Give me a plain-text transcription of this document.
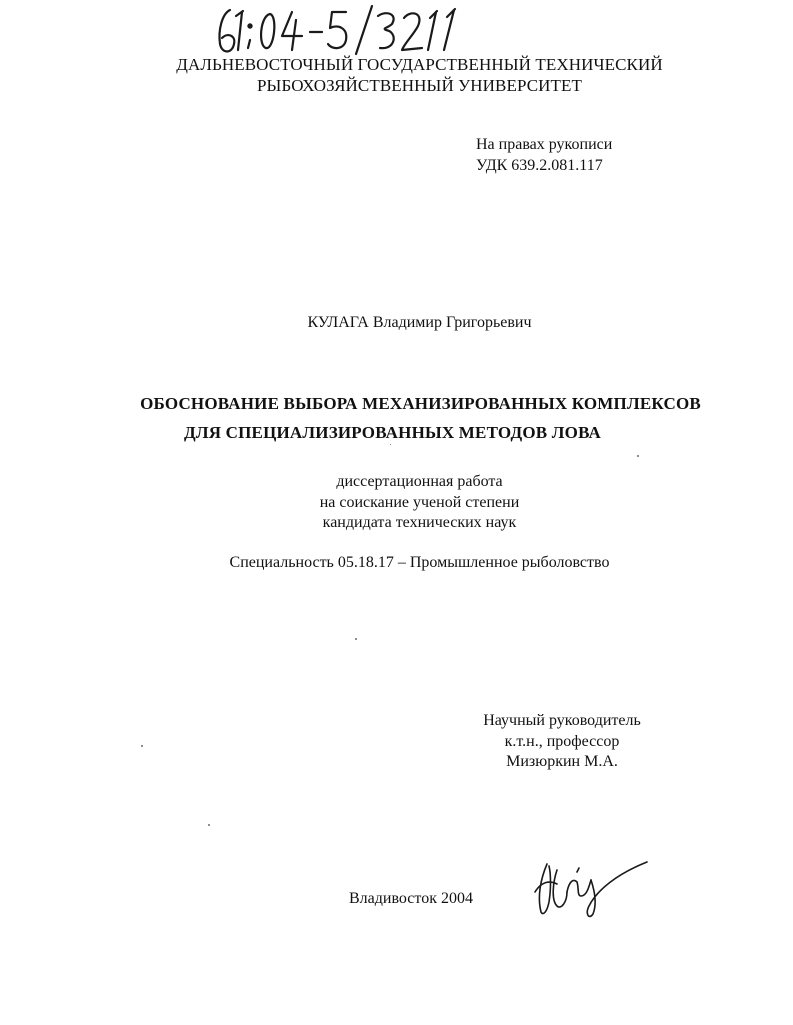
ДАЛЬНЕВОСТОЧНЫЙ ГОСУДАРСТВЕННЫЙ ТЕХНИЧЕСКИЙ
РЫБОХОЗЯЙСТВЕННЫЙ УНИВЕРСИТЕТ
На правах рукописи
УДК 639.2.081.117
КУЛАГА Владимир Григорьевич
ОБОСНОВАНИЕ ВЫБОРА МЕХАНИЗИРОВАННЫХ КОМПЛЕКСОВ
ДЛЯ СПЕЦИАЛИЗИРОВАННЫХ МЕТОДОВ ЛОВА
диссертационная работа
на соискание ученой степени
кандидата технических наук
Специальность 05.18.17 – Промышленное рыболовство
Научный руководитель
к.т.н., профессор
Мизюркин М.А.
Владивосток 2004
